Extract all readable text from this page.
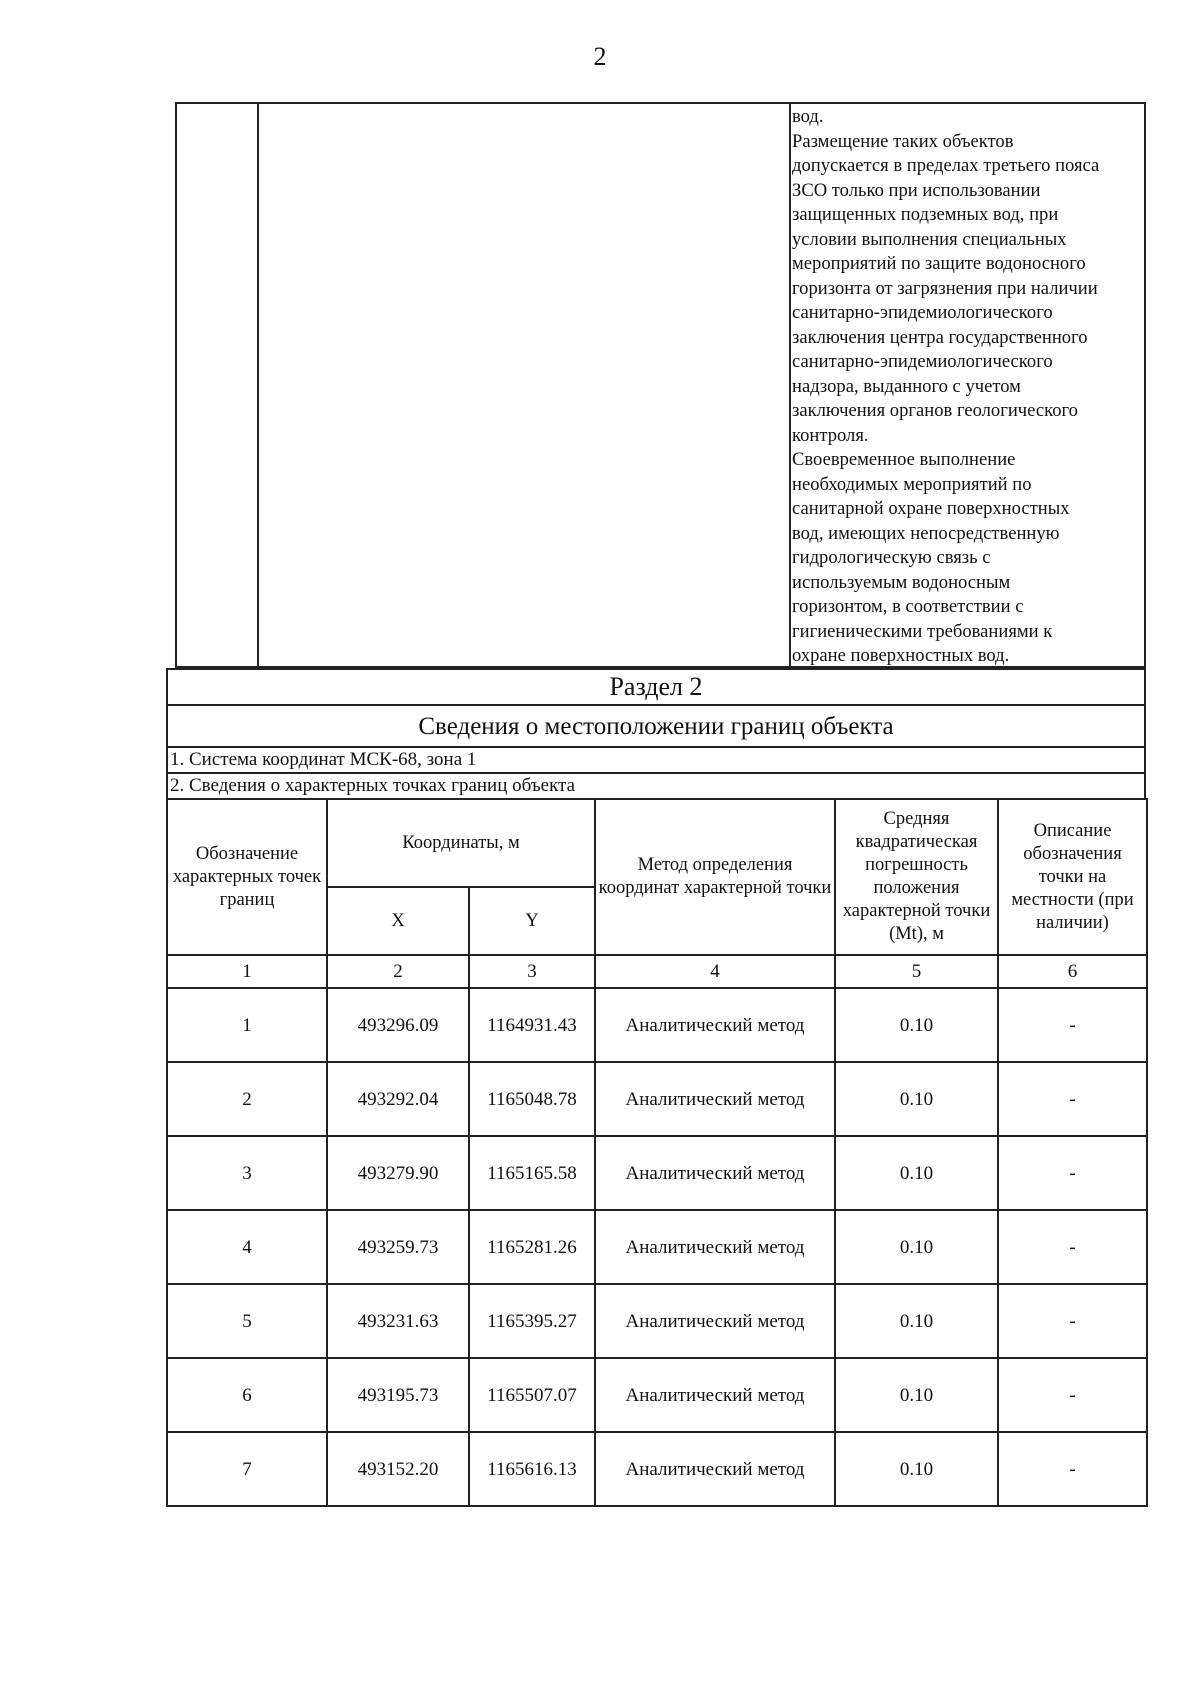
2

вод.

Размещение таких объектов

допускается в пределах третьего пояса

ЗСО только при использовании

защищенных подземных вод, при

условии выполнения специальных

мероприятий по защите водоносного

горизонта от загрязнения при наличии

санитарно-эпидемиологического

заключения центра государственного

санитарно-эпидемиологического

надзора, выданного с учетом

заключения органов геологического

контроля.

Своевременное выполнение

необходимых мероприятий по

санитарной охране поверхностных

вод, имеющих непосредственную

гидрологическую связь с

используемым водоносным

горизонтом, в соответствии с

гигиеническими требованиями к

охране поверхностных вод.

Раздел 2
Сведения о местоположении границ объекта
1. Система координат МСК-68, зона 1
2. Сведения о характерных точках границ объекта
Обозначение характерных точек границ	Координаты, м		Метод определения координат характерной точки	Средняя квадратическая погрешность положения характерной точки (Mt), м	Описание обозначения точки на местности (при наличии)
	X	Y			
1	2	3	4	5	6
1	493296.09	1164931.43	Аналитический метод	0.10	-
2	493292.04	1165048.78	Аналитический метод	0.10	-
3	493279.90	1165165.58	Аналитический метод	0.10	-
4	493259.73	1165281.26	Аналитический метод	0.10	-
5	493231.63	1165395.27	Аналитический метод	0.10	-
6	493195.73	1165507.07	Аналитический метод	0.10	-
7	493152.20	1165616.13	Аналитический метод	0.10	-
